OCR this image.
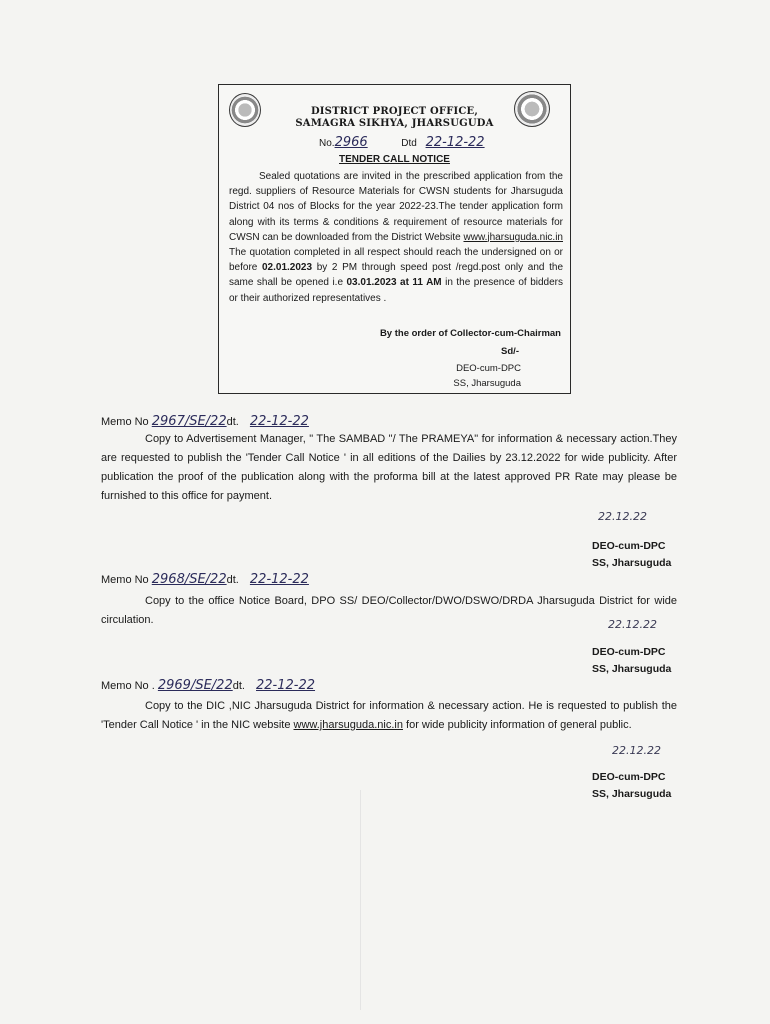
DISTRICT PROJECT OFFICE,
SAMAGRA SIKHYA, JHARSUGUDA
No.2966	Dtd 22-12-22
TENDER CALL NOTICE
Sealed quotations are invited in the prescribed application from the regd. suppliers of Resource Materials for CWSN students for Jharsuguda District 04 nos of Blocks for the year 2022-23.The tender application form along with its terms & conditions & requirement of resource materials for CWSN can be downloaded from the District Website www.jharsuguda.nic.in The quotation completed in all respect should reach the undersigned on or before 02.01.2023 by 2 PM through speed post /regd.post only and the same shall be opened i.e 03.01.2023 at 11 AM in the presence of bidders or their authorized representatives .
By the order of Collector-cum-Chairman
Sd/-
DEO-cum-DPC
SS, Jharsuguda
Memo No 2967/SE/22dt. 22-12-22
Copy to Advertisement Manager, " The SAMBAD "/ The PRAMEYA" for information & necessary action.They are requested to publish the 'Tender Call Notice ' in all editions of the Dailies by 23.12.2022 for wide publicity. After publication the proof of the publication along with the proforma bill at the latest approved PR Rate may please be furnished to this office for payment.
22.12.22
DEO-cum-DPC
SS, Jharsuguda
Memo No 2968/SE/22dt. 22-12-22
Copy to the office Notice Board, DPO SS/ DEO/Collector/DWO/DSWO/DRDA Jharsuguda District for wide circulation.	22.12.22
DEO-cum-DPC
SS, Jharsuguda
Memo No . 2969/SE/22dt. 22-12-22
Copy to the DIC ,NIC Jharsuguda District for information & necessary action. He is requested to publish the 'Tender Call Notice ' in the NIC website www.jharsuguda.nic.in for wide publicity information of general public.
22.12.22
DEO-cum-DPC
SS, Jharsuguda
